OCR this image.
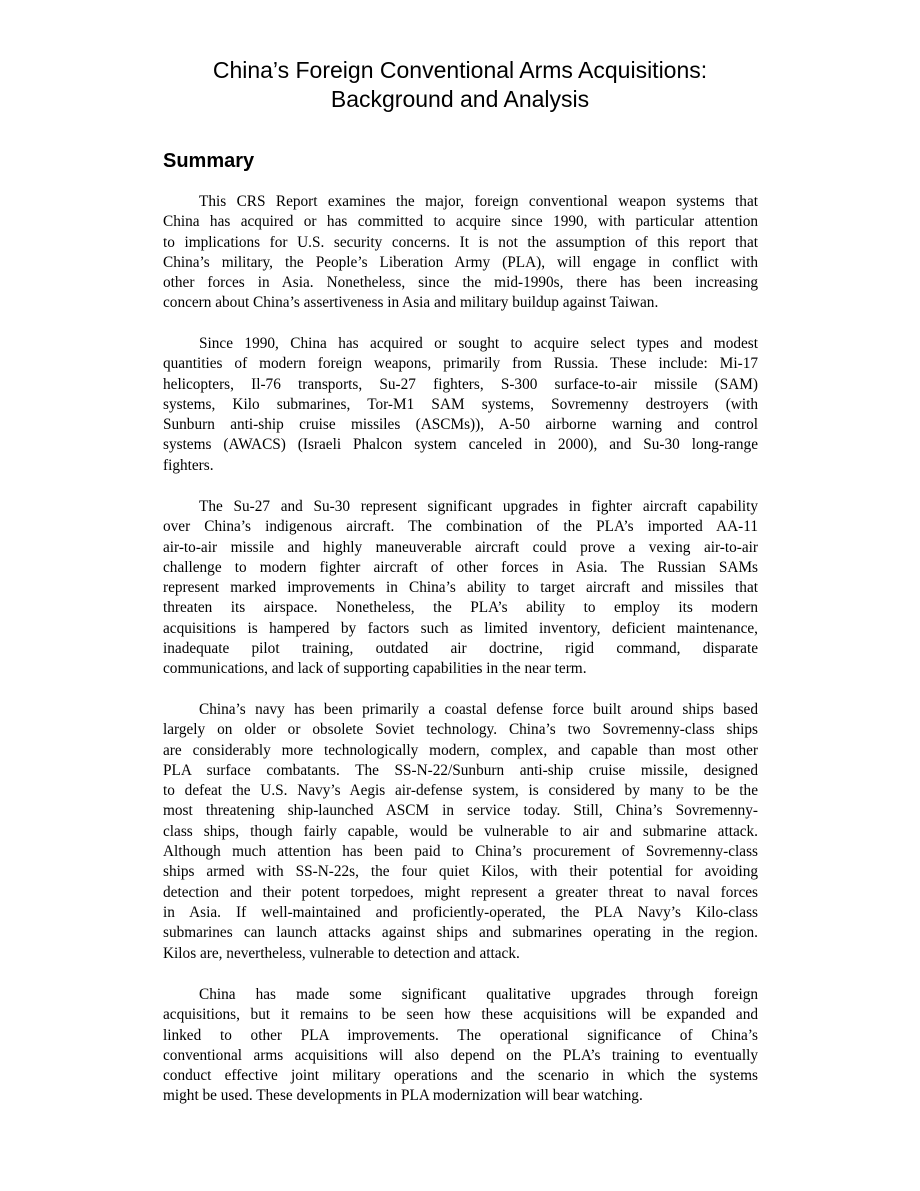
China’s Foreign Conventional Arms Acquisitions:
Background and Analysis
Summary

This CRS Report examines the major, foreign conventional weapon systems that
China has acquired or has committed to acquire since 1990, with particular attention
to implications for U.S. security concerns. It is not the assumption of this report that
China’s military, the People’s Liberation Army (PLA), will engage in conflict with
other forces in Asia. Nonetheless, since the mid-1990s, there has been increasing
concern about China’s assertiveness in Asia and military buildup against Taiwan.

Since 1990, China has acquired or sought to acquire select types and modest
quantities of modern foreign weapons, primarily from Russia. These include: Mi-17
helicopters, Il-76 transports, Su-27 fighters, S-300 surface-to-air missile (SAM)
systems, Kilo submarines, Tor-M1 SAM systems, Sovremenny destroyers (with
Sunburn anti-ship cruise missiles (ASCMs)), A-50 airborne warning and control
systems (AWACS) (Israeli Phalcon system canceled in 2000), and Su-30 long-range
fighters.

The Su-27 and Su-30 represent significant upgrades in fighter aircraft capability
over China’s indigenous aircraft. The combination of the PLA’s imported AA-11
air-to-air missile and highly maneuverable aircraft could prove a vexing air-to-air
challenge to modern fighter aircraft of other forces in Asia. The Russian SAMs
represent marked improvements in China’s ability to target aircraft and missiles that
threaten its airspace. Nonetheless, the PLA’s ability to employ its modern
acquisitions is hampered by factors such as limited inventory, deficient maintenance,
inadequate pilot training, outdated air doctrine, rigid command, disparate
communications, and lack of supporting capabilities in the near term.

China’s navy has been primarily a coastal defense force built around ships based
largely on older or obsolete Soviet technology. China’s two Sovremenny-class ships
are considerably more technologically modern, complex, and capable than most other
PLA surface combatants. The SS-N-22/Sunburn anti-ship cruise missile, designed
to defeat the U.S. Navy’s Aegis air-defense system, is considered by many to be the
most threatening ship-launched ASCM in service today. Still, China’s Sovremenny-
class ships, though fairly capable, would be vulnerable to air and submarine attack.
Although much attention has been paid to China’s procurement of Sovremenny-class
ships armed with SS-N-22s, the four quiet Kilos, with their potential for avoiding
detection and their potent torpedoes, might represent a greater threat to naval forces
in Asia. If well-maintained and proficiently-operated, the PLA Navy’s Kilo-class
submarines can launch attacks against ships and submarines operating in the region.
Kilos are, nevertheless, vulnerable to detection and attack.

China has made some significant qualitative upgrades through foreign
acquisitions, but it remains to be seen how these acquisitions will be expanded and
linked to other PLA improvements. The operational significance of China’s
conventional arms acquisitions will also depend on the PLA’s training to eventually
conduct effective joint military operations and the scenario in which the systems
might be used. These developments in PLA modernization will bear watching.
